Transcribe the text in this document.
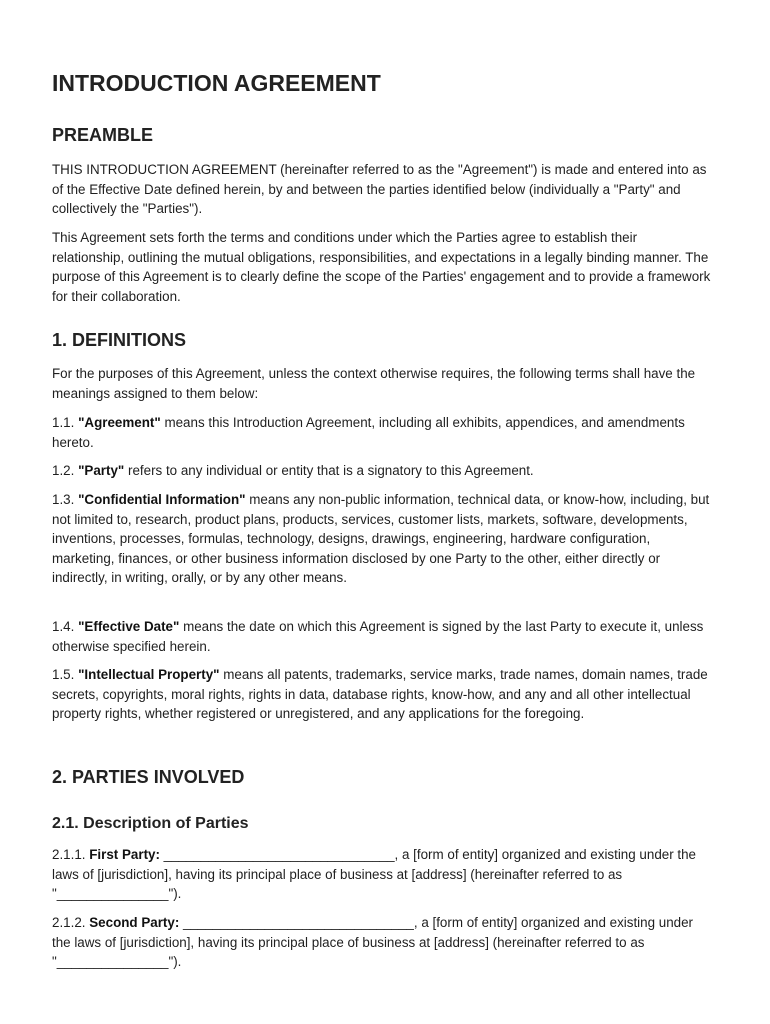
INTRODUCTION AGREEMENT
PREAMBLE

THIS INTRODUCTION AGREEMENT (hereinafter referred to as the "Agreement") is made and entered into as of the Effective Date defined herein, by and between the parties identified below (individually a "Party" and collectively the "Parties").

This Agreement sets forth the terms and conditions under which the Parties agree to establish their relationship, outlining the mutual obligations, responsibilities, and expectations in a legally binding manner. The purpose of this Agreement is to clearly define the scope of the Parties' engagement and to provide a framework for their collaboration.

1. DEFINITIONS

For the purposes of this Agreement, unless the context otherwise requires, the following terms shall have the meanings assigned to them below:

1.1. "Agreement" means this Introduction Agreement, including all exhibits, appendices, and amendments hereto.

1.2. "Party" refers to any individual or entity that is a signatory to this Agreement.

1.3. "Confidential Information" means any non-public information, technical data, or know-how, including, but not limited to, research, product plans, products, services, customer lists, markets, software, developments, inventions, processes, formulas, technology, designs, drawings, engineering, hardware configuration, marketing, finances, or other business information disclosed by one Party to the other, either directly or indirectly, in writing, orally, or by any other means.

1.4. "Effective Date" means the date on which this Agreement is signed by the last Party to execute it, unless otherwise specified herein.

1.5. "Intellectual Property" means all patents, trademarks, service marks, trade names, domain names, trade secrets, copyrights, moral rights, rights in data, database rights, know-how, and any and all other intellectual property rights, whether registered or unregistered, and any applications for the foregoing.

2. PARTIES INVOLVED
2.1. Description of Parties

2.1.1. First Party: _______________________________, a [form of entity] organized and existing under the laws of [jurisdiction], having its principal place of business at [address] (hereinafter referred to as "_______________").

2.1.2. Second Party: _______________________________, a [form of entity] organized and existing under the laws of [jurisdiction], having its principal place of business at [address] (hereinafter referred to as "_______________").
